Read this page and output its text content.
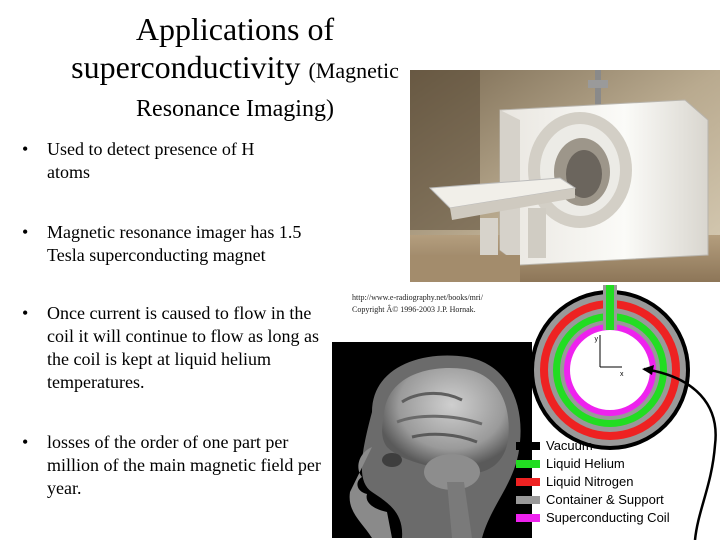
Applications of
superconductivity (Magnetic
Resonance Imaging)
• Used to detect presence of H atoms
• Magnetic resonance imager has 1.5 Tesla superconducting magnet
• Once current is caused to flow in the coil it will continue to flow as long as the coil is kept at liquid helium temperatures.
• losses of the order of one part per million of the main magnetic field per year.
http://www.e-radiography.net/books/mri/
Copyright Â© 1996-2003 J.P. Hornak.
y
x
Vacuum
Liquid Helium
Liquid Nitrogen
Container & Support
Superconducting Coil
